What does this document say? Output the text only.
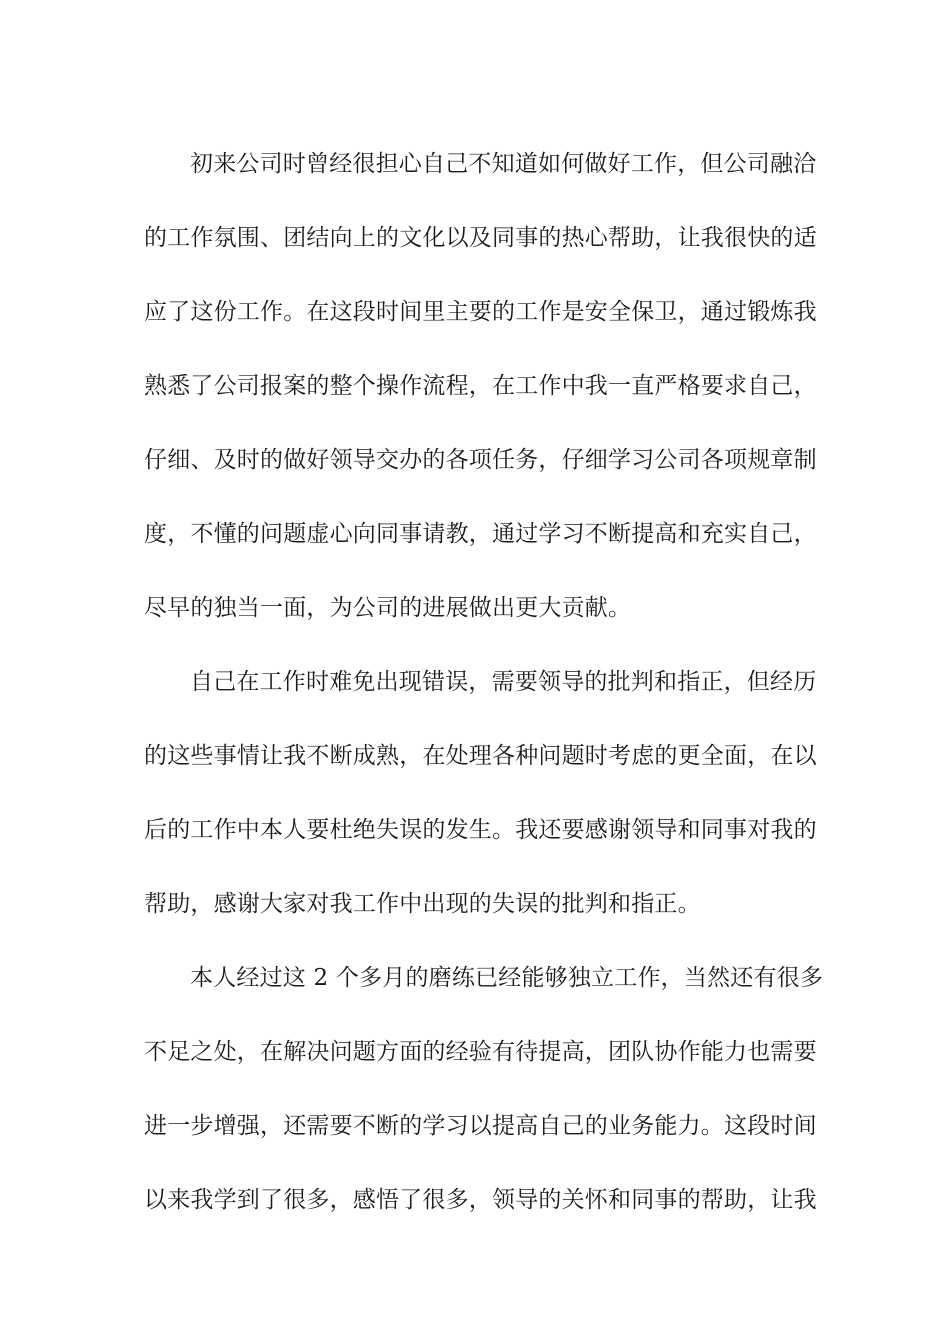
初来公司时曾经很担心自己不知道如何做好工作，但公司融洽
的工作氛围、团结向上的文化以及同事的热心帮助，让我很快的适
应了这份工作。在这段时间里主要的工作是安全保卫，通过锻炼我
熟悉了公司报案的整个操作流程，在工作中我一直严格要求自己，
仔细、及时的做好领导交办的各项任务，仔细学习公司各项规章制
度，不懂的问题虚心向同事请教，通过学习不断提高和充实自己，
尽早的独当一面，为公司的进展做出更大贡献。

自己在工作时难免出现错误，需要领导的批判和指正，但经历
的这些事情让我不断成熟，在处理各种问题时考虑的更全面，在以
后的工作中本人要杜绝失误的发生。我还要感谢领导和同事对我的
帮助，感谢大家对我工作中出现的失误的批判和指正。

本人经过这 2 个多月的磨练已经能够独立工作，当然还有很多
不足之处，在解决问题方面的经验有待提高，团队协作能力也需要
进一步增强，还需要不断的学习以提高自己的业务能力。这段时间
以来我学到了很多，感悟了很多，领导的关怀和同事的帮助，让我
